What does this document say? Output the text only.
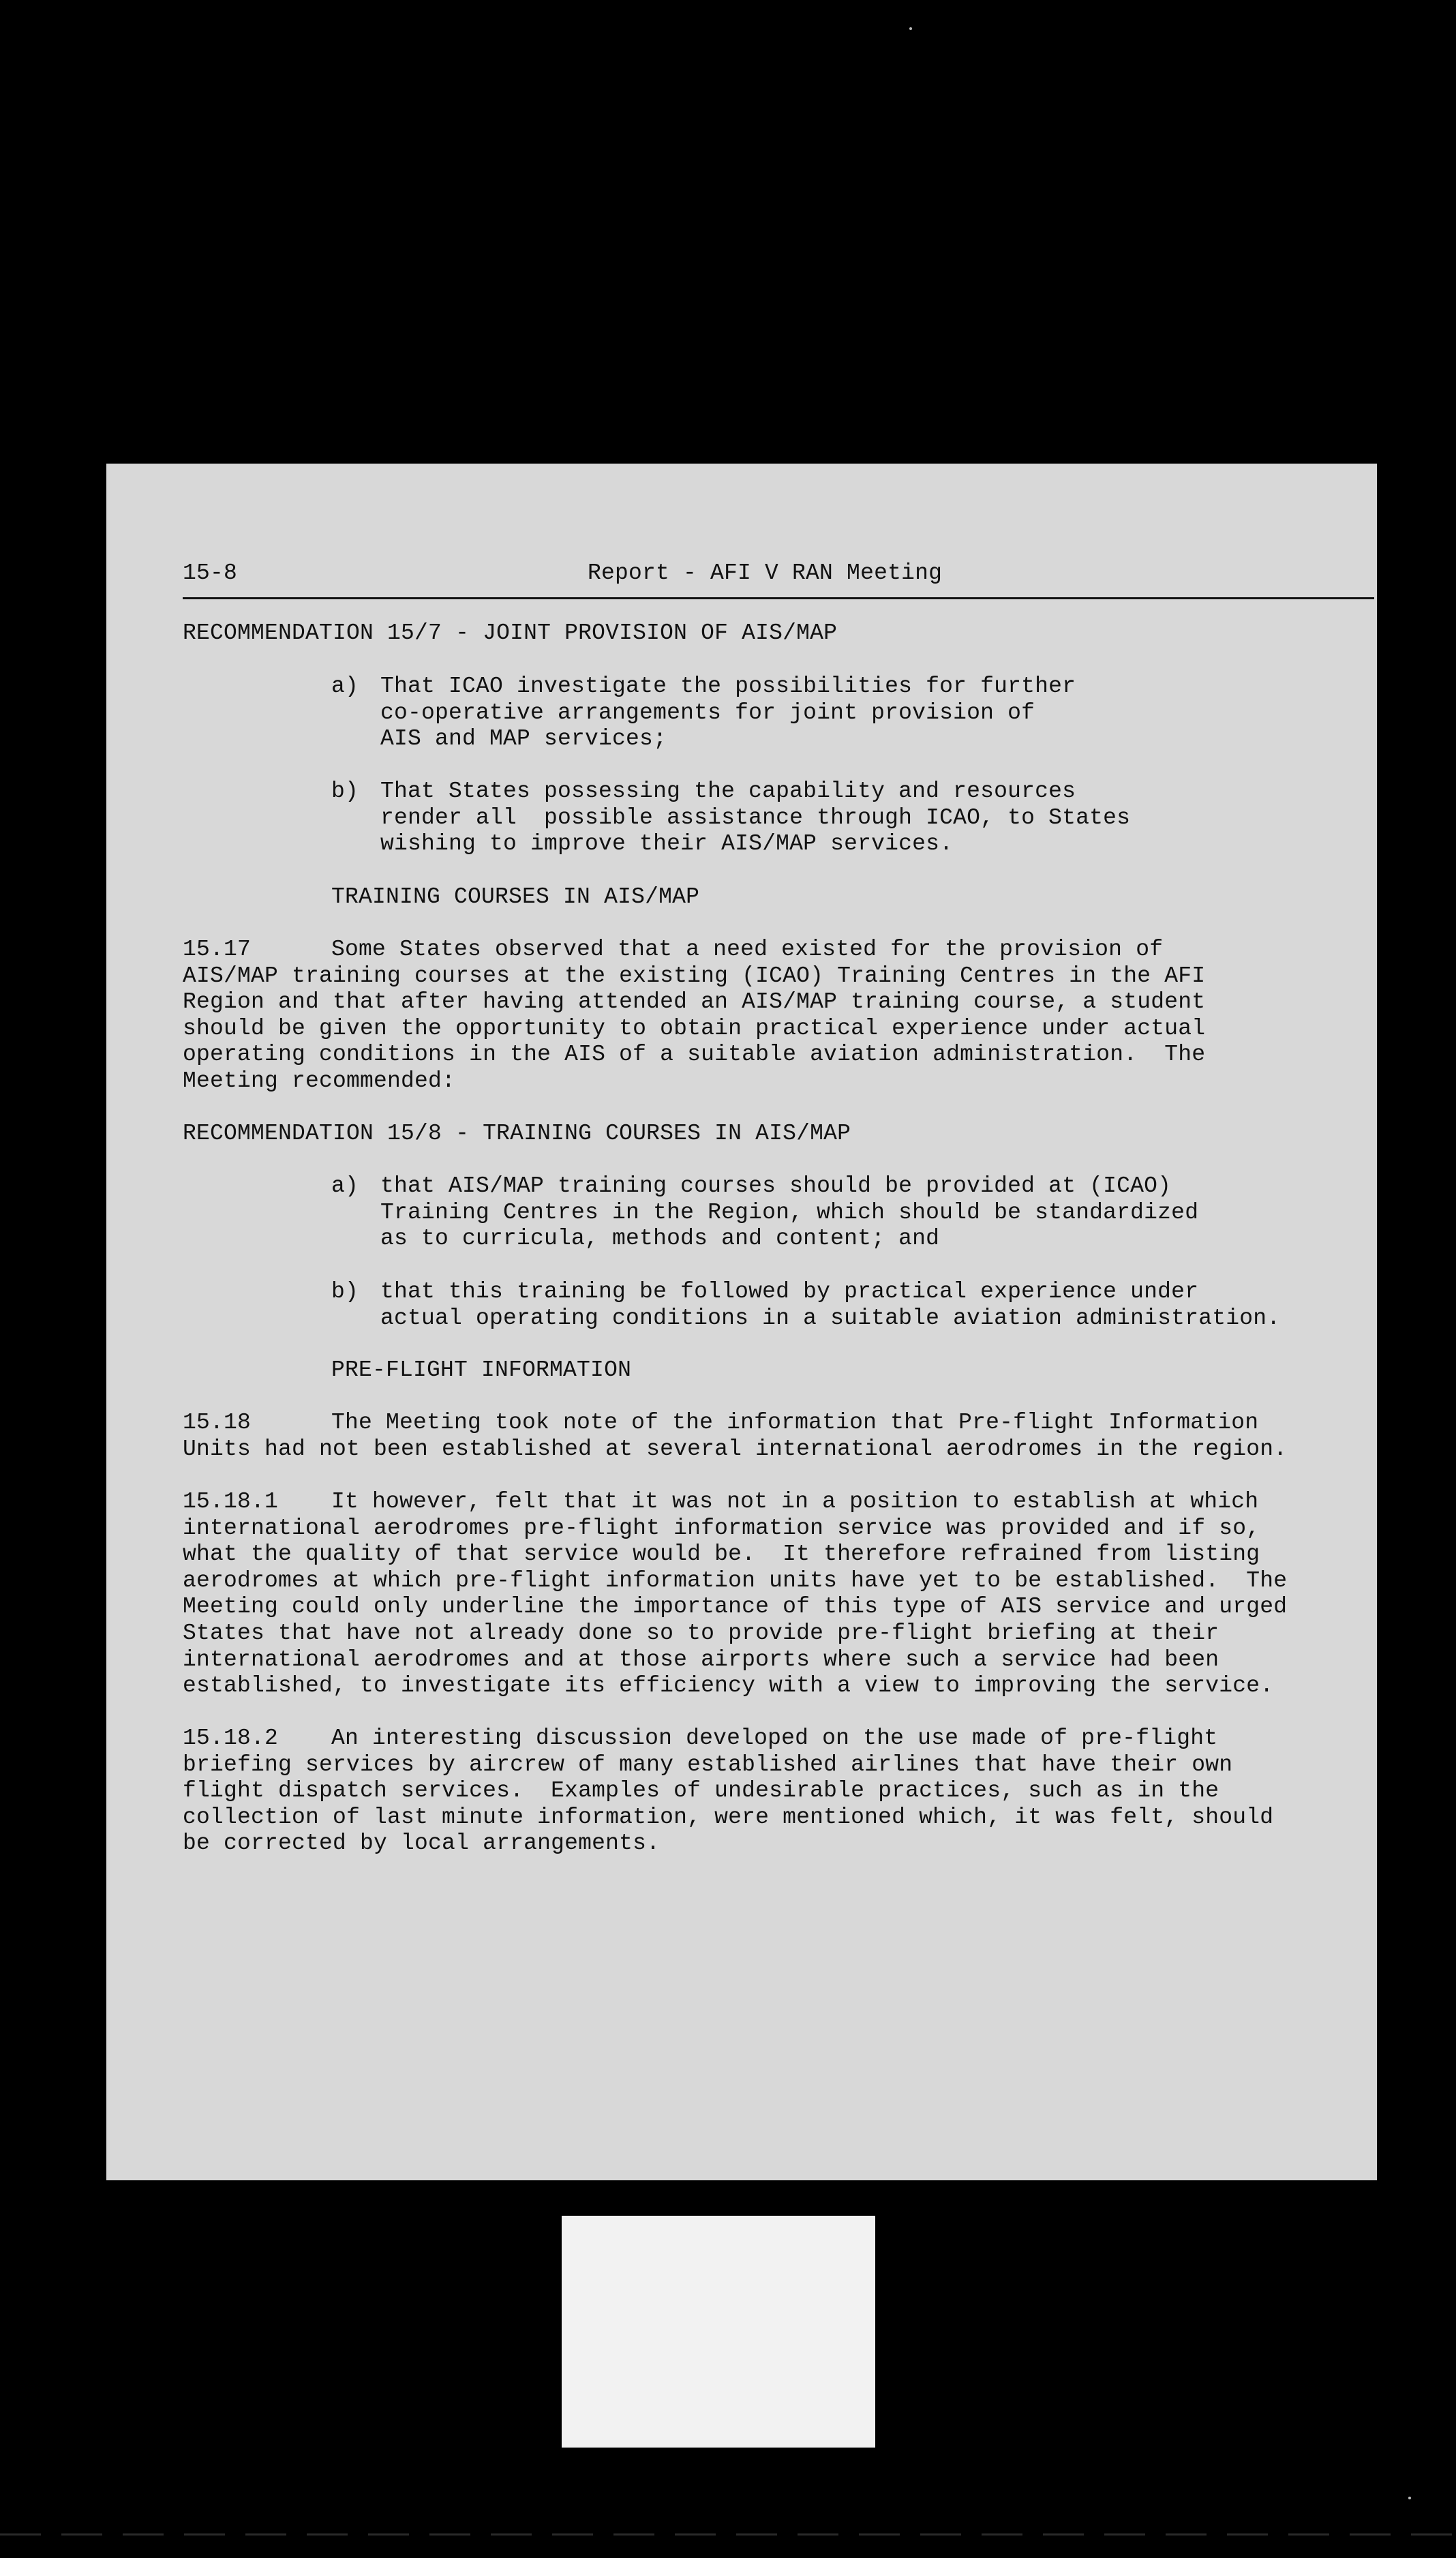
15-8	Report - AFI V RAN Meeting
RECOMMENDATION 15/7 - JOINT PROVISION OF AIS/MAP
a) That ICAO investigate the possibilities for further
co-operative arrangements for joint provision of
AIS and MAP services;
b) That States possessing the capability and resources
render all  possible assistance through ICAO, to States
wishing to improve their AIS/MAP services.
TRAINING COURSES IN AIS/MAP
15.17	Some States observed that a need existed for the provision of
AIS/MAP training courses at the existing (ICAO) Training Centres in the AFI
Region and that after having attended an AIS/MAP training course, a student
should be given the opportunity to obtain practical experience under actual
operating conditions in the AIS of a suitable aviation administration.  The
Meeting recommended:
RECOMMENDATION 15/8 - TRAINING COURSES IN AIS/MAP
a) that AIS/MAP training courses should be provided at (ICAO)
Training Centres in the Region, which should be standardized
as to curricula, methods and content; and
b) that this training be followed by practical experience under
actual operating conditions in a suitable aviation administration.
PRE-FLIGHT INFORMATION
15.18	The Meeting took note of the information that Pre-flight Information
Units had not been established at several international aerodromes in the region.
15.18.1 It however, felt that it was not in a position to establish at which
international aerodromes pre-flight information service was provided and if so,
what the quality of that service would be.  It therefore refrained from listing
aerodromes at which pre-flight information units have yet to be established.  The
Meeting could only underline the importance of this type of AIS service and urged
States that have not already done so to provide pre-flight briefing at their
international aerodromes and at those airports where such a service had been
established, to investigate its efficiency with a view to improving the service.
15.18.2 An interesting discussion developed on the use made of pre-flight
briefing services by aircrew of many established airlines that have their own
flight dispatch services.  Examples of undesirable practices, such as in the
collection of last minute information, were mentioned which, it was felt, should
be corrected by local arrangements.
